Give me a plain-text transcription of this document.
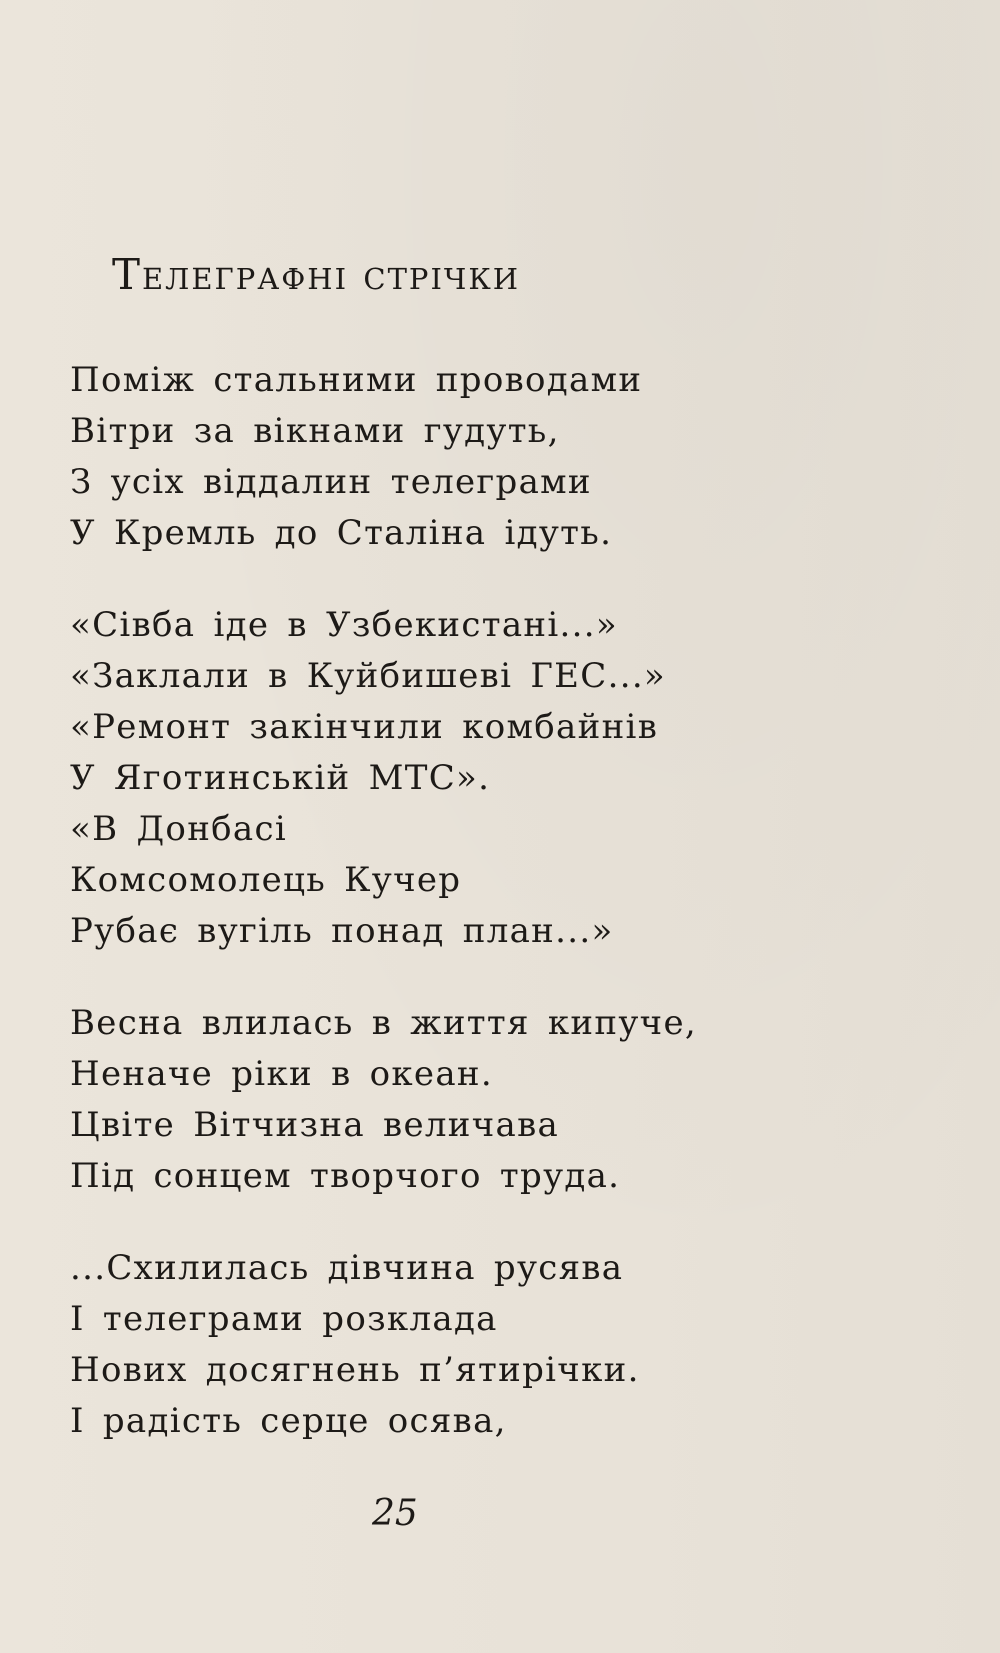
Телеграфні стрічки
Поміж стальними проводами
Вітри за вікнами гудуть,
З усіх віддалин телеграми
У Кремль до Сталіна ідуть.
«Сівба іде в Узбекистані...»
«Заклали в Куйбишеві ГЕС...»
«Ремонт закінчили комбайнів
У Яготинській МТС».
«В Донбасі
Комсомолець Кучер
Рубає вугіль понад план...»
Весна влилась в життя кипуче,
Неначе ріки в океан.
Цвіте Вітчизна величава
Під сонцем творчого труда.
...Схилилась дівчина русява
І телеграми розклада
Нових досягнень п’ятирічки.
І радість серце осява,
25
